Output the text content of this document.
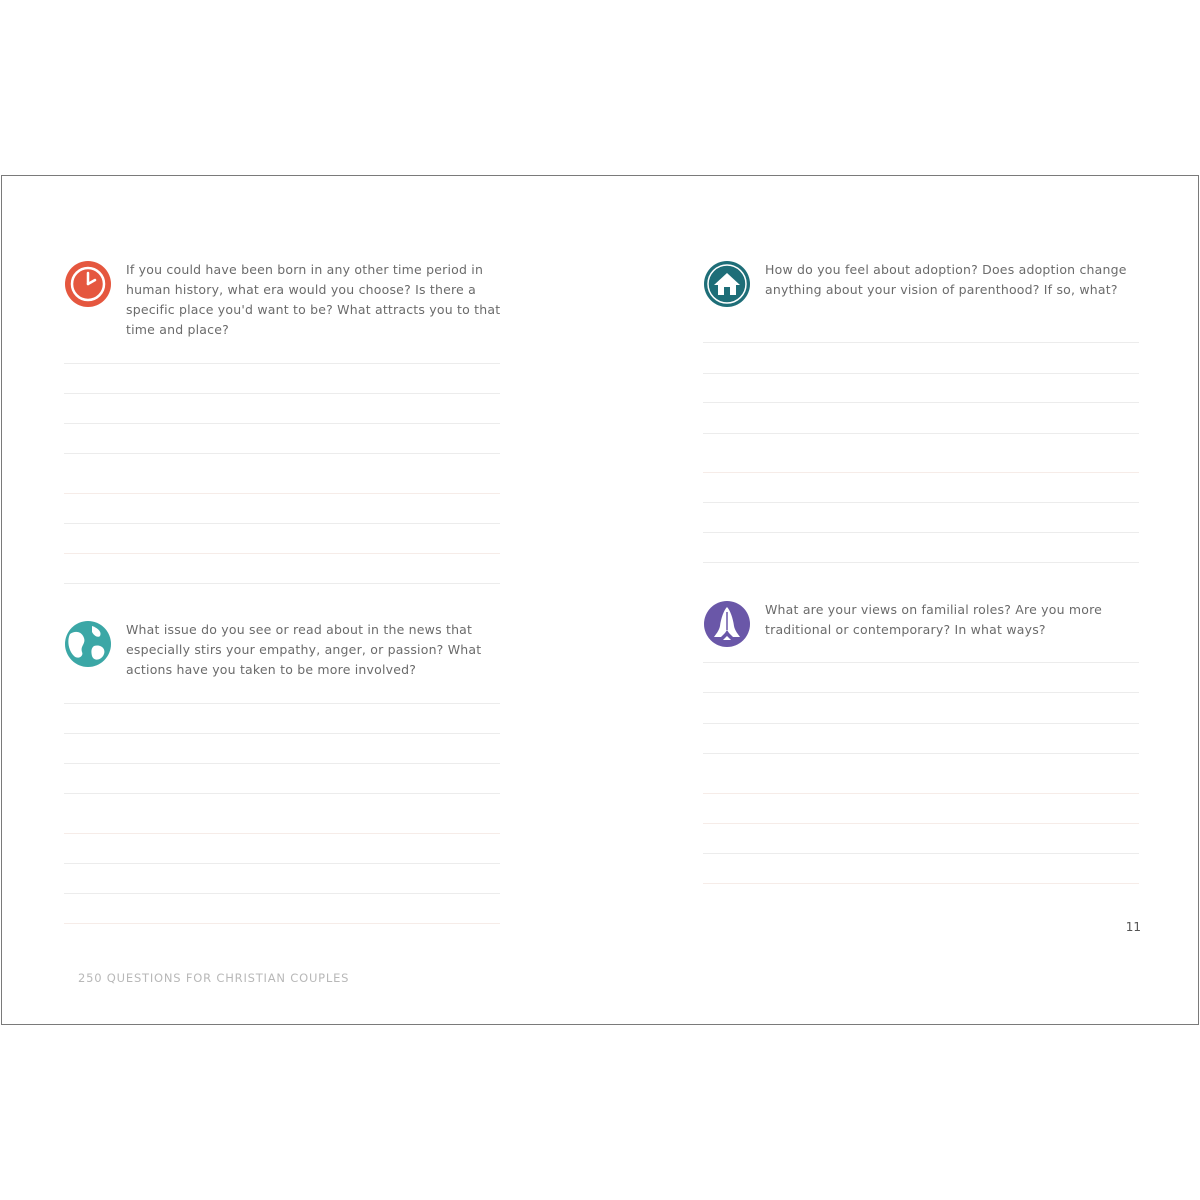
If you could have been born in any other time period in human history, what era would you choose? Is there a specific place you'd want to be? What attracts you to that time and place?

What issue do you see or read about in the news that especially stirs your empathy, anger, or passion? What actions have you taken to be more involved?

250 QUESTIONS FOR CHRISTIAN COUPLES

How do you feel about adoption? Does adoption change anything about your vision of parenthood? If so, what?

What are your views on familial roles? Are you more traditional or contemporary? In what ways?

11
